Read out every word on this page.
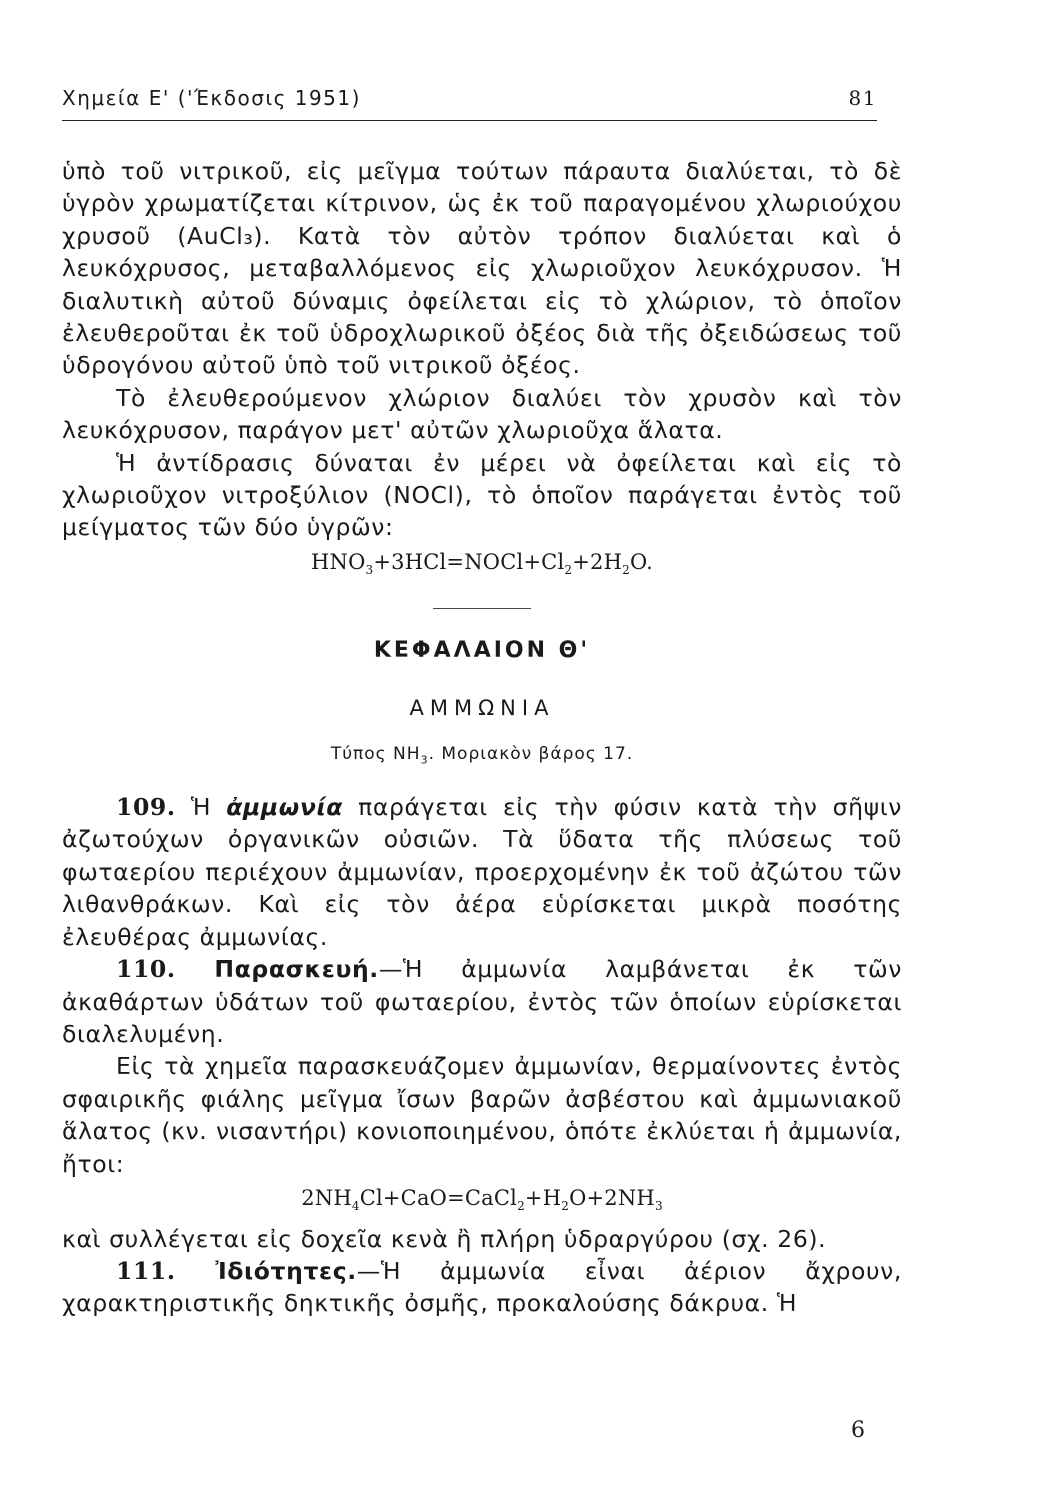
Χημεία Ε' ('Έκδοσις 1951)	81

ὑπὸ τοῦ νιτρικοῦ, εἰς μεῖγμα τούτων πάραυτα διαλύεται, τὸ δὲ ὑγρὸν χρωματίζεται κίτρινον, ὡς ἐκ τοῦ παραγομένου χλωριούχου χρυσοῦ (AuCl₃). Κατὰ τὸν αὐτὸν τρόπον διαλύεται καὶ ὁ λευκόχρυσος, μεταβαλλόμενος εἰς χλωριοῦχον λευκόχρυσον. Ἡ διαλυτικὴ αὐτοῦ δύναμις ὀφείλεται εἰς τὸ χλώριον, τὸ ὁποῖον ἐλευθεροῦται ἐκ τοῦ ὑδροχλωρικοῦ ὀξέος διὰ τῆς ὀξειδώσεως τοῦ ὑδρογόνου αὐτοῦ ὑπὸ τοῦ νιτρικοῦ ὀξέος.

Τὸ ἐλευθερούμενον χλώριον διαλύει τὸν χρυσὸν καὶ τὸν λευκόχρυσον, παράγον μετ' αὐτῶν χλωριοῦχα ἅλατα.

Ἡ ἀντίδρασις δύναται ἐν μέρει νὰ ὀφείλεται καὶ εἰς τὸ χλωριοῦχον νιτροξύλιον (NOCl), τὸ ὁποῖον παράγεται ἐντὸς τοῦ μείγματος τῶν δύο ὑγρῶν:

$HNO_3+3HCl=NOCl+Cl_2+2H_2O$.

ΚΕΦΑΛΑΙΟΝ Θ'

ΑΜΜΩΝΙΑ

Τύπος $NH_3$. Μοριακὸν βάρος 17.

109. Ἡ ἀμμωνία παράγεται εἰς τὴν φύσιν κατὰ τὴν σῆψιν ἀζωτούχων ὀργανικῶν οὐσιῶν. Τὰ ὕδατα τῆς πλύσεως τοῦ φωταερίου περιέχουν ἀμμωνίαν, προερχομένην ἐκ τοῦ ἀζώτου τῶν λιθανθράκων. Καὶ εἰς τὸν ἀέρα εὑρίσκεται μικρὰ ποσότης ἐλευθέρας ἀμμωνίας.

110. Παρασκευή.—Ἡ ἀμμωνία λαμβάνεται ἐκ τῶν ἀκαθάρτων ὑδάτων τοῦ φωταερίου, ἐντὸς τῶν ὁποίων εὑρίσκεται διαλελυμένη.

Εἰς τὰ χημεῖα παρασκευάζομεν ἀμμωνίαν, θερμαίνοντες ἐντὸς σφαιρικῆς φιάλης μεῖγμα ἴσων βαρῶν ἀσβέστου καὶ ἀμμωνιακοῦ ἅλατος (κν. νισαντήρι) κονιοποιημένου, ὁπότε ἐκλύεται ἡ ἀμμωνία, ἤτοι:

$2NH_4Cl+CaO=CaCl_2+H_2O+2NH_3$

καὶ συλλέγεται εἰς δοχεῖα κενὰ ἢ πλήρη ὑδραργύρου (σχ. 26).

111. Ἰδιότητες.—Ἡ ἀμμωνία εἶναι ἀέριον ἄχρουν, χαρακτηριστικῆς δηκτικῆς ὀσμῆς, προκαλούσης δάκρυα. Ἡ

6
